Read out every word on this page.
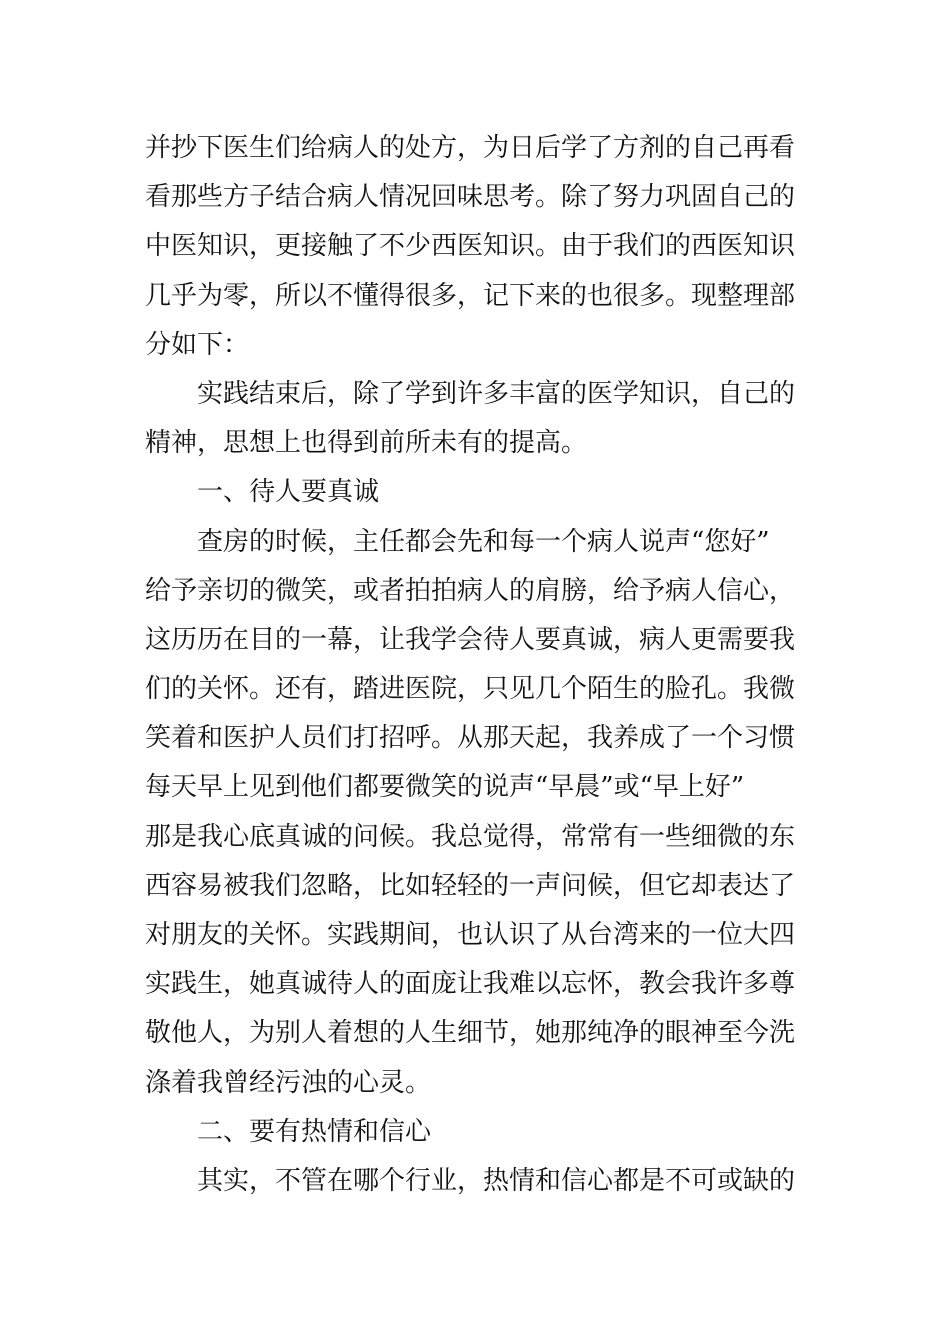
并抄下医生们给病人的处方，为日后学了方剂的自己再看
看那些方子结合病人情况回味思考。除了努力巩固自己的
中医知识，更接触了不少西医知识。由于我们的西医知识
几乎为零，所以不懂得很多，记下来的也很多。现整理部
分如下：
实践结束后，除了学到许多丰富的医学知识，自己的
精神，思想上也得到前所未有的提高。
一、待人要真诚
查房的时候，主任都会先和每一个病人说声“您好”
给予亲切的微笑，或者拍拍病人的肩膀，给予病人信心，
这历历在目的一幕，让我学会待人要真诚，病人更需要我
们的关怀。还有，踏进医院，只见几个陌生的脸孔。我微
笑着和医护人员们打招呼。从那天起，我养成了一个习惯
每天早上见到他们都要微笑的说声“早晨”或“早上好”
那是我心底真诚的问候。我总觉得，常常有一些细微的东
西容易被我们忽略，比如轻轻的一声问候，但它却表达了
对朋友的关怀。实践期间，也认识了从台湾来的一位大四
实践生，她真诚待人的面庞让我难以忘怀，教会我许多尊
敬他人，为别人着想的人生细节，她那纯净的眼神至今洗
涤着我曾经污浊的心灵。
二、要有热情和信心
其实，不管在哪个行业，热情和信心都是不可或缺的
